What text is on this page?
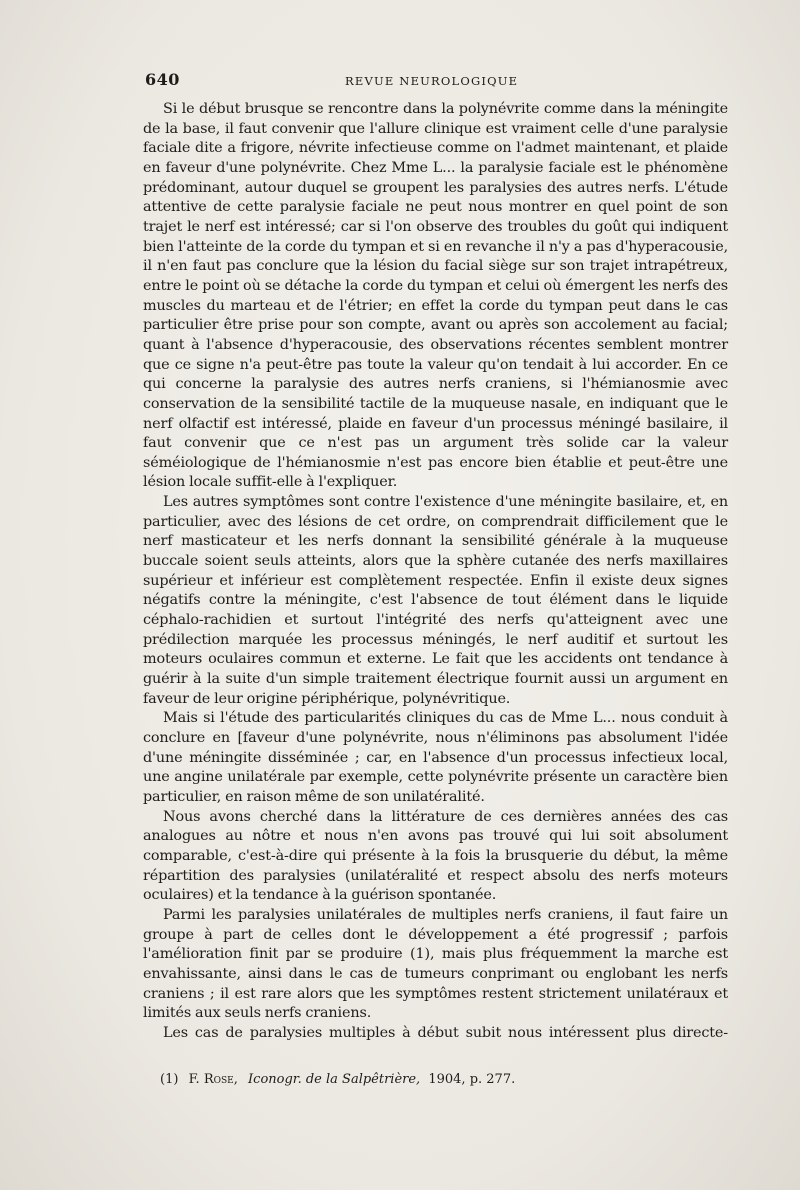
640	REVUE NEUROLOGIQUE

Si le début brusque se rencontre dans la polynévrite comme dans la méningite de la base, il faut convenir que l'allure clinique est vraiment celle d'une paralysie faciale dite a frigore, névrite infectieuse comme on l'admet maintenant, et plaide en faveur d'une polynévrite. Chez Mme L... la paralysie faciale est le phénomène prédominant, autour duquel se groupent les paralysies des autres nerfs. L'étude attentive de cette paralysie faciale ne peut nous montrer en quel point de son trajet le nerf est intéressé; car si l'on observe des troubles du goût qui indiquent bien l'atteinte de la corde du tympan et si en revanche il n'y a pas d'hyperacousie, il n'en faut pas conclure que la lésion du facial siège sur son trajet intrapétreux, entre le point où se détache la corde du tympan et celui où émergent les nerfs des muscles du marteau et de l'étrier; en effet la corde du tympan peut dans le cas particulier être prise pour son compte, avant ou après son accolement au facial; quant à l'absence d'hyperacousie, des observations récentes semblent montrer que ce signe n'a peut-être pas toute la valeur qu'on tendait à lui accorder. En ce qui concerne la paralysie des autres nerfs craniens, si l'hémianosmie avec conservation de la sensibilité tactile de la muqueuse nasale, en indiquant que le nerf olfactif est intéressé, plaide en faveur d'un processus méningé basilaire, il faut convenir que ce n'est pas un argument très solide car la valeur séméiologique de l'hémianosmie n'est pas encore bien établie et peut-être une lésion locale suffit-elle à l'expliquer.

Les autres symptômes sont contre l'existence d'une méningite basilaire, et, en particulier, avec des lésions de cet ordre, on comprendrait difficilement que le nerf masticateur et les nerfs donnant la sensibilité générale à la muqueuse buccale soient seuls atteints, alors que la sphère cutanée des nerfs maxillaires supérieur et inférieur est complètement respectée. Enfin il existe deux signes négatifs contre la méningite, c'est l'absence de tout élément dans le liquide céphalo-rachidien et surtout l'intégrité des nerfs qu'atteignent avec une prédilection marquée les processus méningés, le nerf auditif et surtout les moteurs oculaires commun et externe. Le fait que les accidents ont tendance à guérir à la suite d'un simple traitement électrique fournit aussi un argument en faveur de leur origine périphérique, polynévritique.

Mais si l'étude des particularités cliniques du cas de Mme L... nous conduit à conclure en [faveur d'une polynévrite, nous n'éliminons pas absolument l'idée d'une méningite disséminée ; car, en l'absence d'un processus infectieux local, une angine unilatérale par exemple, cette polynévrite présente un caractère bien particulier, en raison même de son unilatéralité.

Nous avons cherché dans la littérature de ces dernières années des cas analogues au nôtre et nous n'en avons pas trouvé qui lui soit absolument comparable, c'est-à-dire qui présente à la fois la brusquerie du début, la même répartition des paralysies (unilatéralité et respect absolu des nerfs moteurs oculaires) et la tendance à la guérison spontanée.

Parmi les paralysies unilatérales de multiples nerfs craniens, il faut faire un groupe à part de celles dont le développement a été progressif ; parfois l'amélioration finit par se produire (1), mais plus fréquemment la marche est envahissante, ainsi dans le cas de tumeurs conprimant ou englobant les nerfs craniens ; il est rare alors que les symptômes restent strictement unilatéraux et limités aux seuls nerfs craniens.

Les cas de paralysies multiples à début subit nous intéressent plus directe-

(1) F. Rose, Iconogr. de la Salpêtrière, 1904, p. 277.
